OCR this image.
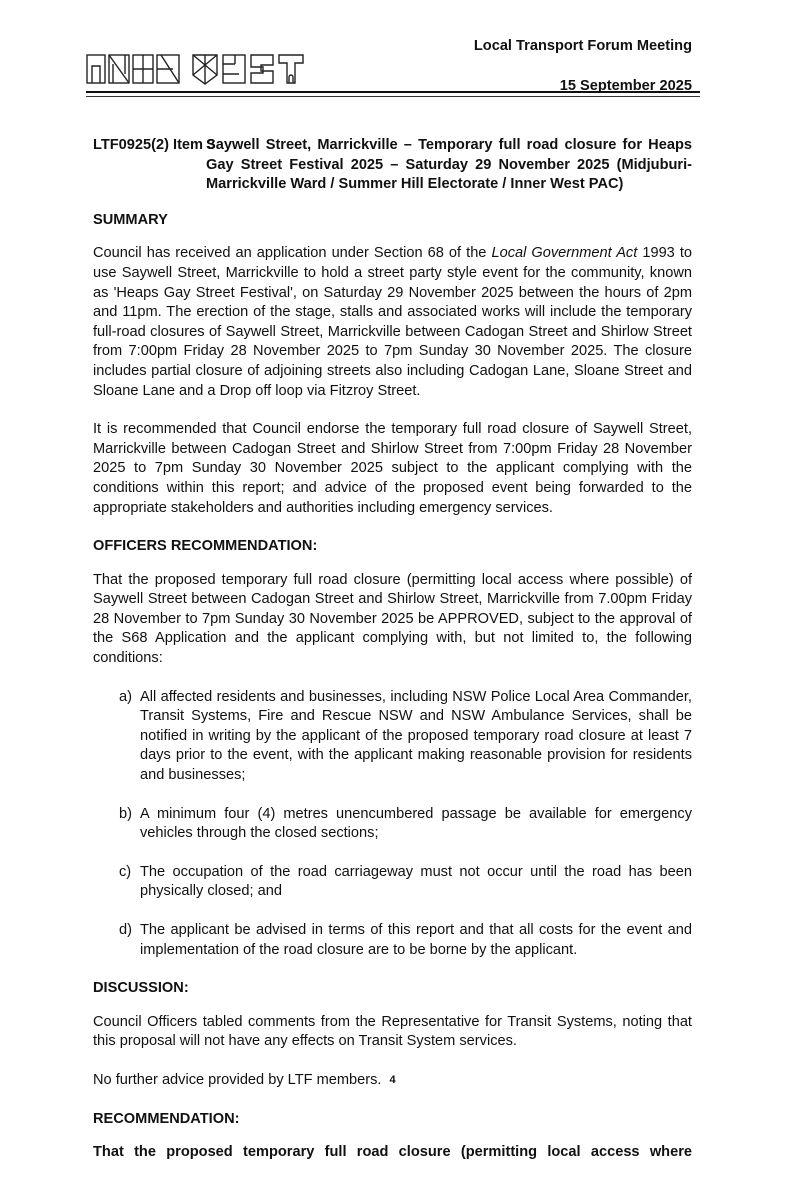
Local Transport Forum Meeting
15 September 2025
LTF0925(2) Item 3
Saywell Street, Marrickville – Temporary full road closure for Heaps Gay Street Festival 2025 – Saturday 29 November 2025 (Midjuburi-Marrickville Ward / Summer Hill Electorate / Inner West PAC)
SUMMARY

Council has received an application under Section 68 of the Local Government Act 1993 to use Saywell Street, Marrickville to hold a street party style event for the community, known as 'Heaps Gay Street Festival', on Saturday 29 November 2025 between the hours of 2pm and 11pm. The erection of the stage, stalls and associated works will include the temporary full-road closures of Saywell Street, Marrickville between Cadogan Street and Shirlow Street from 7:00pm Friday 28 November 2025 to 7pm Sunday 30 November 2025. The closure includes partial closure of adjoining streets also including Cadogan Lane, Sloane Street and Sloane Lane and a Drop off loop via Fitzroy Street.

It is recommended that Council endorse the temporary full road closure of Saywell Street, Marrickville between Cadogan Street and Shirlow Street from 7:00pm Friday 28 November 2025 to 7pm Sunday 30 November 2025 subject to the applicant complying with the conditions within this report; and advice of the proposed event being forwarded to the appropriate stakeholders and authorities including emergency services.

OFFICERS RECOMMENDATION:

That the proposed temporary full road closure (permitting local access where possible) of Saywell Street between Cadogan Street and Shirlow Street, Marrickville from 7.00pm Friday 28 November to 7pm Sunday 30 November 2025 be APPROVED, subject to the approval of the S68 Application and the applicant complying with, but not limited to, the following conditions:

a) All affected residents and businesses, including NSW Police Local Area Commander, Transit Systems, Fire and Rescue NSW and NSW Ambulance Services, shall be notified in writing by the applicant of the proposed temporary road closure at least 7 days prior to the event, with the applicant making reasonable provision for residents and businesses;
b) A minimum four (4) metres unencumbered passage be available for emergency vehicles through the closed sections;
c) The occupation of the road carriageway must not occur until the road has been physically closed; and
d) The applicant be advised in terms of this report and that all costs for the event and implementation of the road closure are to be borne by the applicant.
DISCUSSION:

Council Officers tabled comments from the Representative for Transit Systems, noting that this proposal will not have any effects on Transit System services.

No further advice provided by LTF members.

RECOMMENDATION:

That the proposed temporary full road closure (permitting local access where

4
